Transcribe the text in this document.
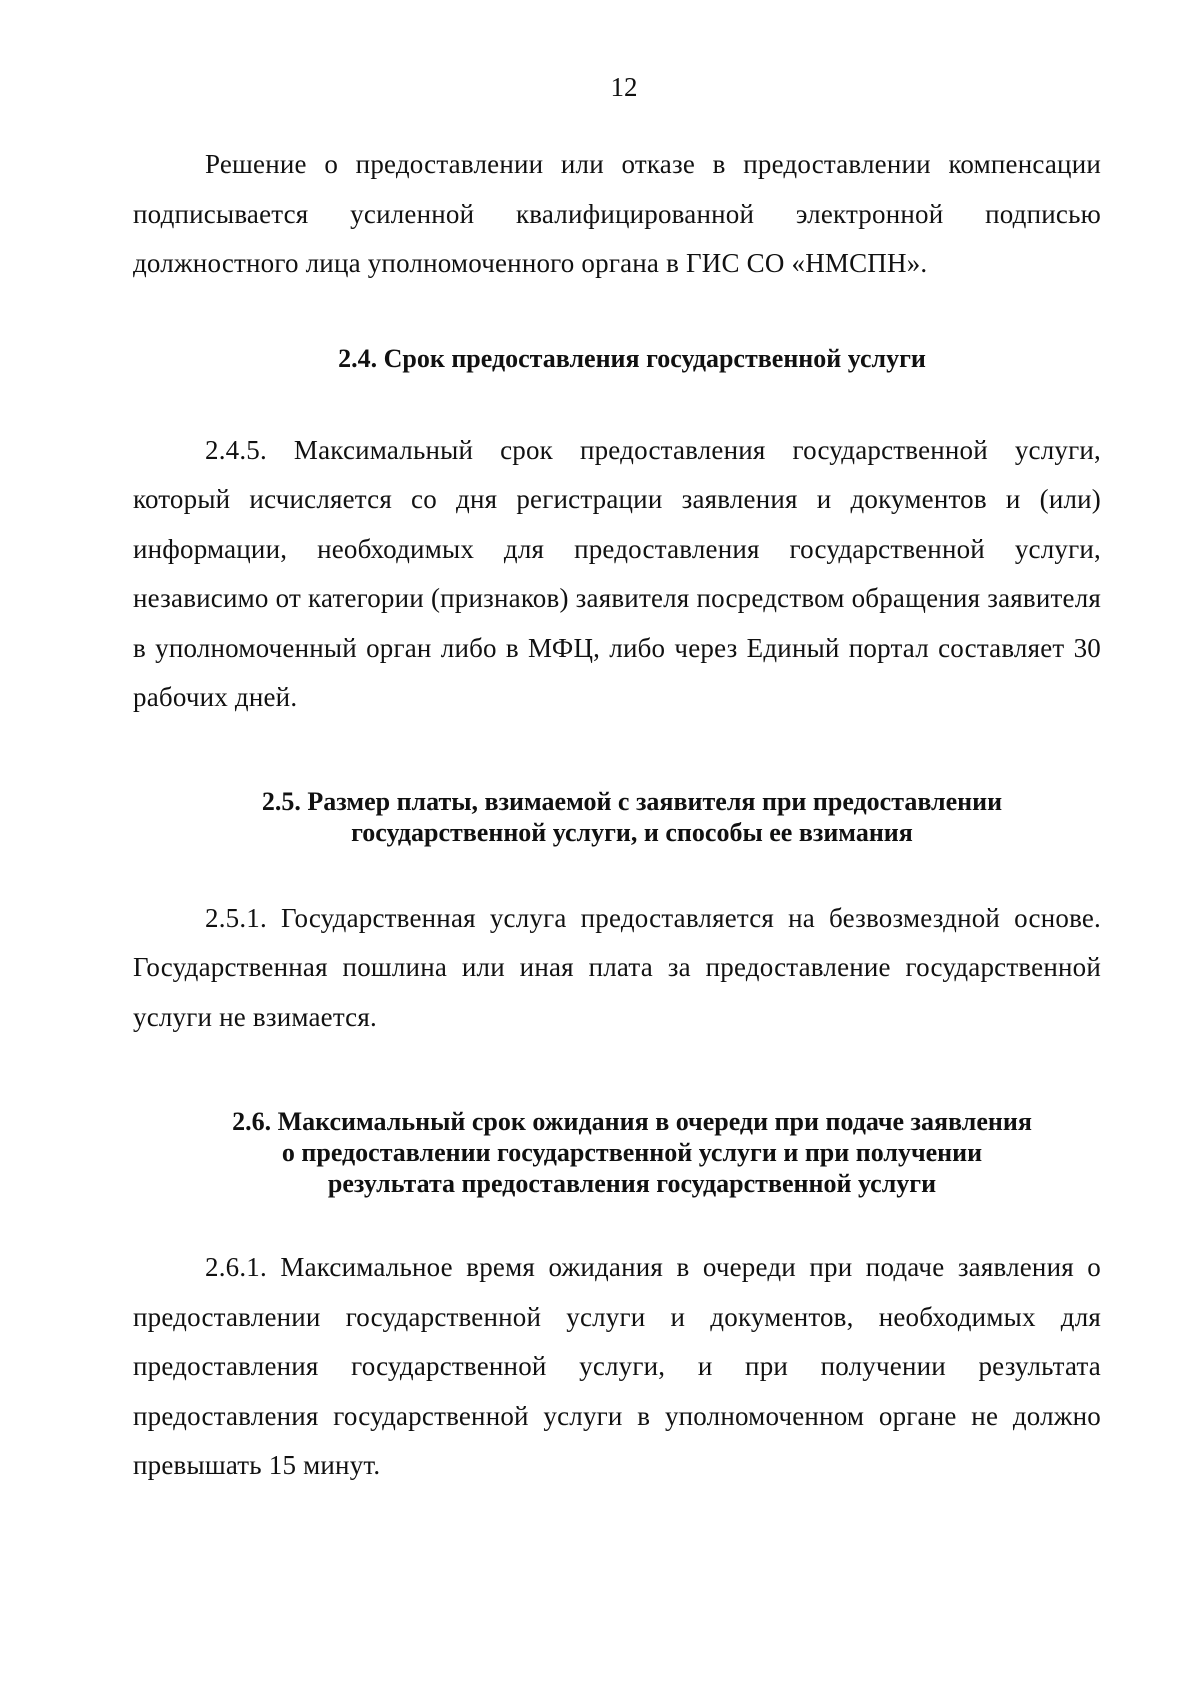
12

Решение о предоставлении или отказе в предоставлении компенсации подписывается усиленной квалифицированной электронной подписью должностного лица уполномоченного органа в ГИС СО «НМСПН».

2.4. Срок предоставления государственной услуги

2.4.5. Максимальный срок предоставления государственной услуги, который исчисляется со дня регистрации заявления и документов и (или) информации, необходимых для предоставления государственной услуги, независимо от категории (признаков) заявителя посредством обращения заявителя в уполномоченный орган либо в МФЦ, либо через Единый портал составляет 30 рабочих дней.

2.5. Размер платы, взимаемой с заявителя при предоставлении
государственной услуги, и способы ее взимания

2.5.1. Государственная услуга предоставляется на безвозмездной основе. Государственная пошлина или иная плата за предоставление государственной услуги не взимается.

2.6. Максимальный срок ожидания в очереди при подаче заявления
о предоставлении государственной услуги и при получении
результата предоставления государственной услуги

2.6.1. Максимальное время ожидания в очереди при подаче заявления о предоставлении государственной услуги и документов, необходимых для предоставления государственной услуги, и при получении результата предоставления государственной услуги в уполномоченном органе не должно превышать 15 минут.
